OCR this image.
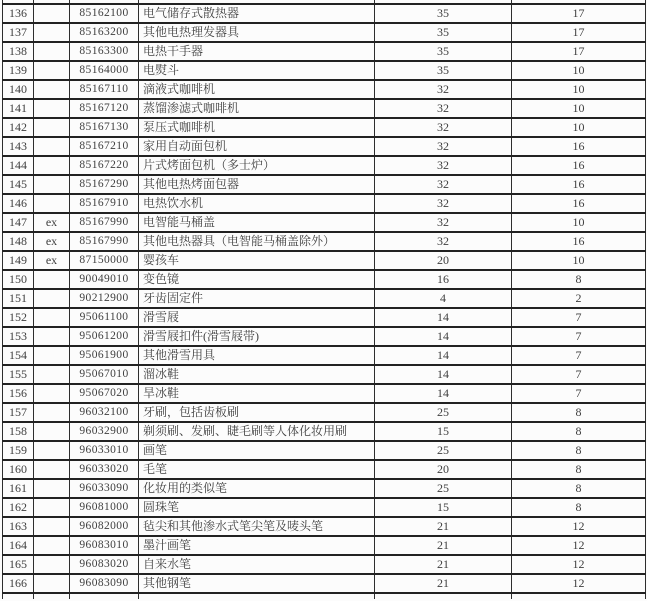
136		85162100	电气储存式散热器	35	17
137		85163200	其他电热理发器具	35	17
138		85163300	电热干手器	35	17
139		85164000	电熨斗	35	10
140		85167110	滴液式咖啡机	32	10
141		85167120	蒸馏渗滤式咖啡机	32	10
142		85167130	泵压式咖啡机	32	10
143		85167210	家用自动面包机	32	16
144		85167220	片式烤面包机（多士炉）	32	16
145		85167290	其他电热烤面包器	32	16
146		85167910	电热饮水机	32	16
147	ex	85167990	电智能马桶盖	32	10
148	ex	85167990	其他电热器具（电智能马桶盖除外）	32	16
149	ex	87150000	婴孩车	20	10
150		90049010	变色镜	16	8
151		90212900	牙齿固定件	4	2
152		95061100	滑雪屐	14	7
153		95061200	滑雪屐扣件(滑雪屐带)	14	7
154		95061900	其他滑雪用具	14	7
155		95067010	溜冰鞋	14	7
156		95067020	旱冰鞋	14	7
157		96032100	牙刷，包括齿板刷	25	8
158		96032900	剃须刷、发刷、睫毛刷等人体化妆用刷	15	8
159		96033010	画笔	25	8
160		96033020	毛笔	20	8
161		96033090	化妆用的类似笔	25	8
162		96081000	圆珠笔	15	8
163		96082000	毡尖和其他渗水式笔尖笔及唛头笔	21	12
164		96083010	墨汁画笔	21	12
165		96083020	自来水笔	21	12
166		96083090	其他钢笔	21	12
